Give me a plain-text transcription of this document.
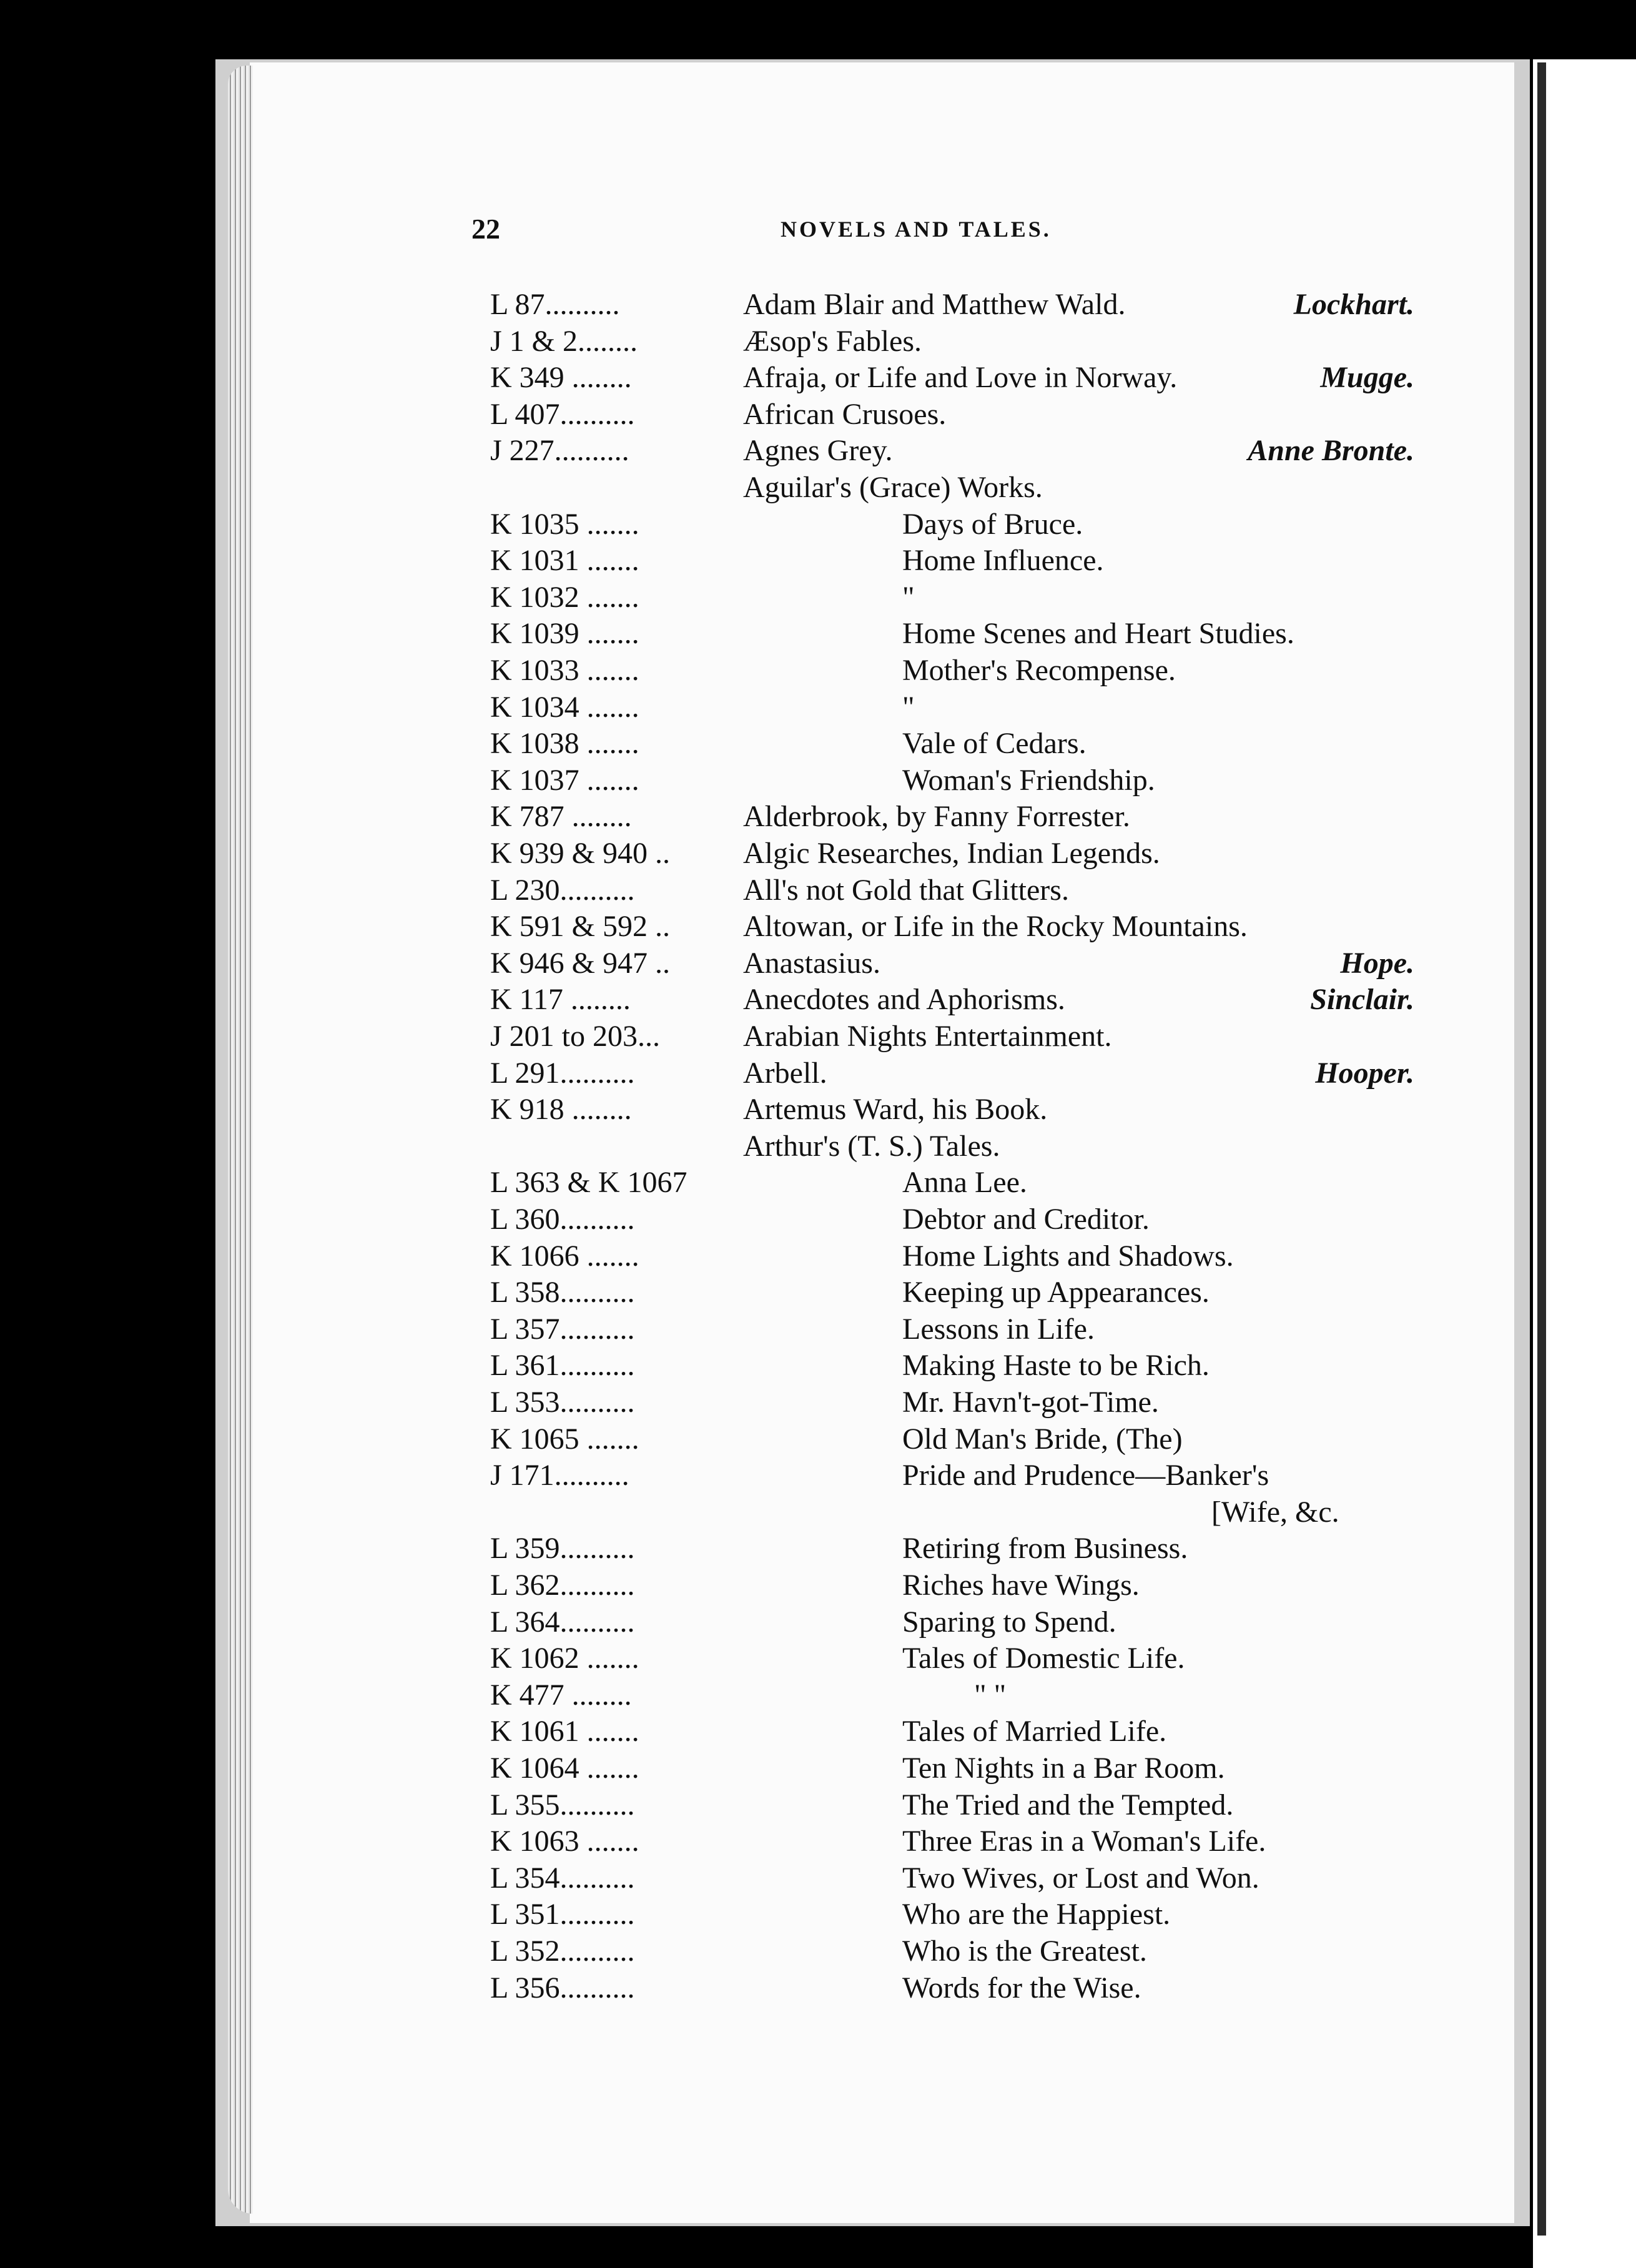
22	NOVELS AND TALES.
L 87..........	Adam Blair and Matthew Wald.	Lockhart.
J 1 & 2........	Æsop's Fables.
K 349 ........	Afraja, or Life and Love in Norway.	Mugge.
L 407..........	African Crusoes.
J 227..........	Agnes Grey.	Anne Bronte.
Aguilar's (Grace) Works.
K 1035 .......	Days of Bruce.
K 1031 .......	Home Influence.
K 1032 .......	"
K 1039 .......	Home Scenes and Heart Studies.
K 1033 .......	Mother's Recompense.
K 1034 .......	"
K 1038 .......	Vale of Cedars.
K 1037 .......	Woman's Friendship.
K 787 ........	Alderbrook, by Fanny Forrester.
K 939 & 940 .. Algic Researches, Indian Legends.
L 230..........	All's not Gold that Glitters.
K 591 & 592 .. Altowan, or Life in the Rocky Mountains.
K 946 & 947 .. Anastasius.	Hope.
K 117 ........	Anecdotes and Aphorisms.	Sinclair.
J 201 to 203...	Arabian Nights Entertainment.
L 291..........	Arbell.	Hooper.
K 918 ........	Artemus Ward, his Book.
Arthur's (T. S.) Tales.
L 363 & K 1067	Anna Lee.
L 360..........	Debtor and Creditor.
K 1066 .......	Home Lights and Shadows.
L 358..........	Keeping up Appearances.
L 357..........	Lessons in Life.
L 361..........	Making Haste to be Rich.
L 353..........	Mr. Havn't-got-Time.
K 1065 .......	Old Man's Bride, (The)
J 171..........	Pride and Prudence—Banker's
[Wife, &c.
L 359..........	Retiring from Business.
L 362..........	Riches have Wings.
L 364..........	Sparing to Spend.
K 1062 .......	Tales of Domestic Life.
K 477 ........	" "
K 1061 .......	Tales of Married Life.
K 1064 .......	Ten Nights in a Bar Room.
L 355..........	The Tried and the Tempted.
K 1063 .......	Three Eras in a Woman's Life.
L 354..........	Two Wives, or Lost and Won.
L 351..........	Who are the Happiest.
L 352..........	Who is the Greatest.
L 356..........	Words for the Wise.
